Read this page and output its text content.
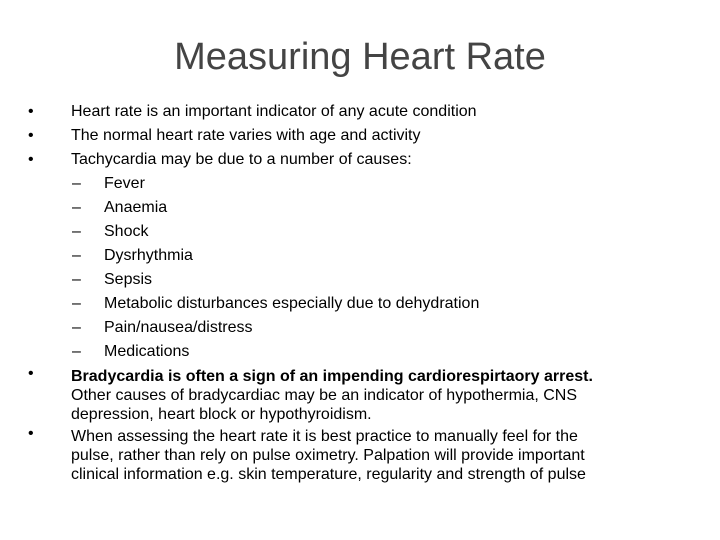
Measuring Heart Rate
• Heart rate is an important indicator of any acute condition
• The normal heart rate varies with age and activity
• Tachycardia may be due to a number of causes:
– Fever
– Anaemia
– Shock
– Dysrhythmia
– Sepsis
– Metabolic disturbances especially due to dehydration
– Pain/nausea/distress
– Medications
• Bradycardia is often a sign of an impending cardiorespirtaory arrest.
Other causes of bradycardiac may be an indicator of hypothermia, CNS
depression, heart block or hypothyroidism.
• When assessing the heart rate it is best practice to manually feel for the
pulse, rather than rely on pulse oximetry. Palpation will provide important
clinical information e.g. skin temperature, regularity and strength of pulse
